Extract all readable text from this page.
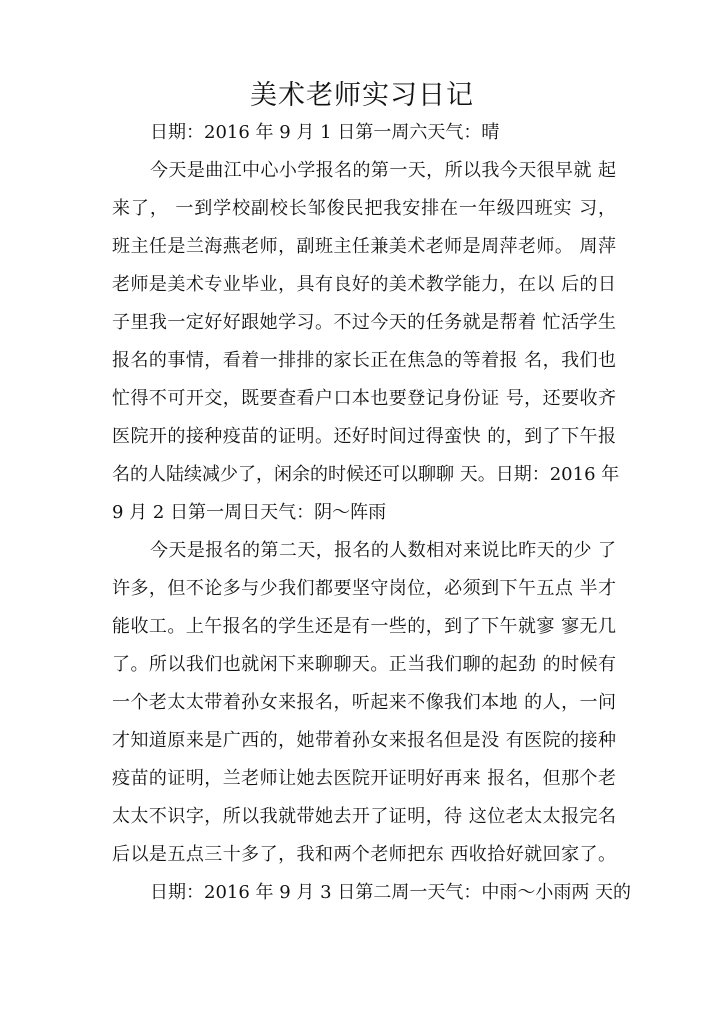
美术老师实习日记
日期：2016 年 9 月 1 日第一周六天气：晴
今天是曲江中心小学报名的第一天，所以我今天很早就 起
来了， 一到学校副校长邹俊民把我安排在一年级四班实 习，
班主任是兰海燕老师，副班主任兼美术老师是周萍老师。 周萍
老师是美术专业毕业，具有良好的美术教学能力，在以 后的日
子里我一定好好跟她学习。不过今天的任务就是帮着 忙活学生
报名的事情，看着一排排的家长正在焦急的等着报 名，我们也
忙得不可开交，既要查看户口本也要登记身份证 号，还要收齐
医院开的接种疫苗的证明。还好时间过得蛮快 的，到了下午报
名的人陆续减少了，闲余的时候还可以聊聊 天。日期：2016 年
9 月 2 日第一周日天气：阴～阵雨
今天是报名的第二天，报名的人数相对来说比昨天的少 了
许多，但不论多与少我们都要坚守岗位，必须到下午五点 半才
能收工。上午报名的学生还是有一些的，到了下午就寥 寥无几
了。所以我们也就闲下来聊聊天。正当我们聊的起劲 的时候有
一个老太太带着孙女来报名，听起来不像我们本地 的人，一问
才知道原来是广西的，她带着孙女来报名但是没 有医院的接种
疫苗的证明，兰老师让她去医院开证明好再来 报名，但那个老
太太不识字，所以我就带她去开了证明，待 这位老太太报完名
后以是五点三十多了，我和两个老师把东 西收拾好就回家了。
日期：2016 年 9 月 3 日第二周一天气：中雨〜小雨两 天的
